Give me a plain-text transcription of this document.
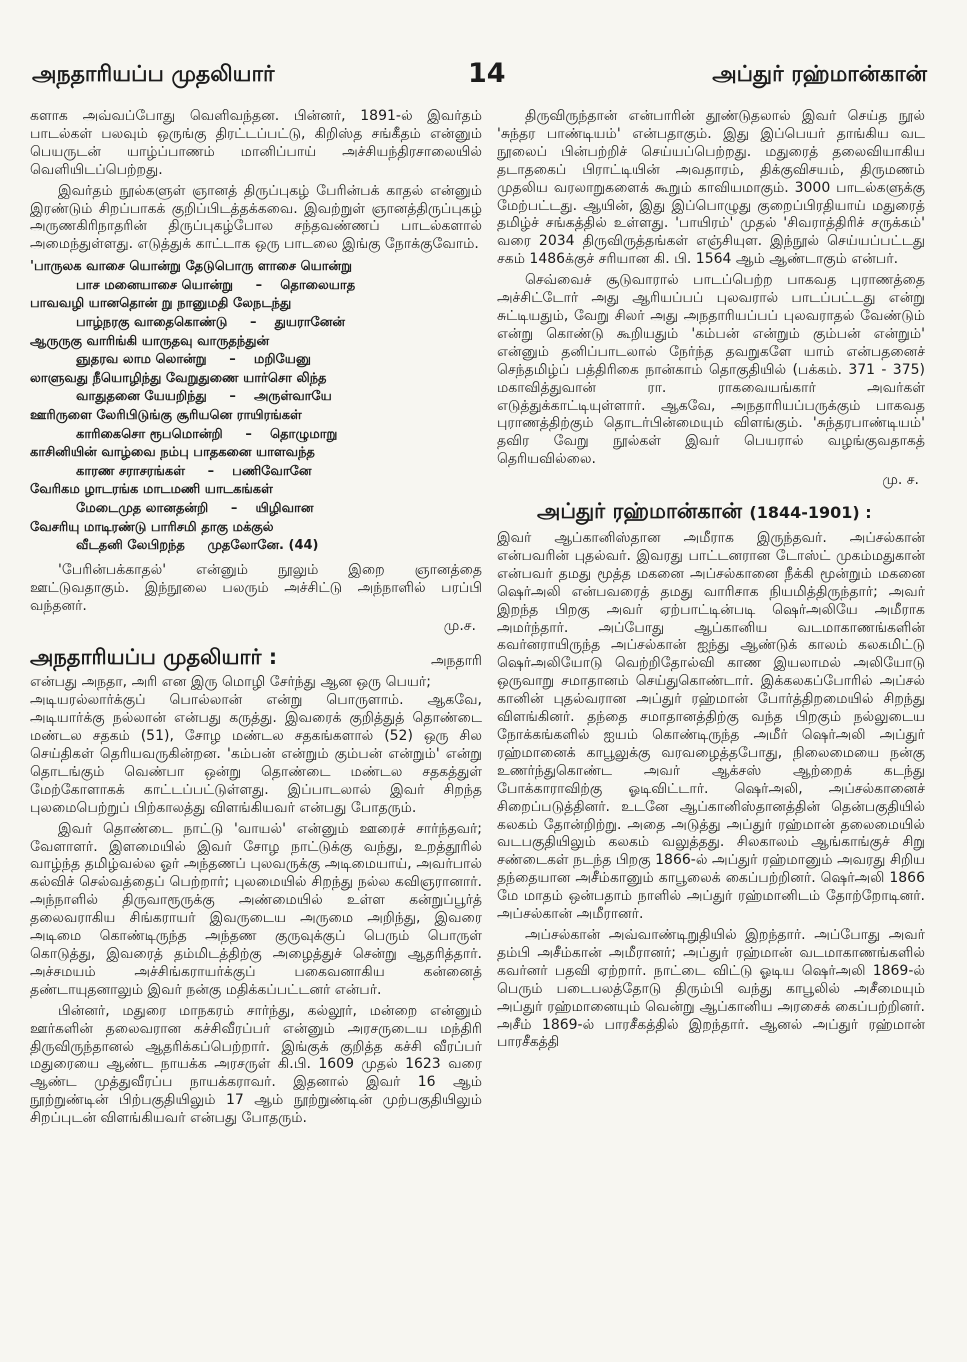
அநதாரியப்ப முதலியார்	14	அப்துர் ரஹ்மான்கான்

களாக அவ்வப்போது வெளிவந்தன. பின்னர், 1891-ல் இவர்தம் பாடல்கள் பலவும் ஒருங்கு திரட்டப்பட்டு, கிறிஸ்த சங்கீதம் என்னும் பெயருடன் யாழ்ப்பாணம் மானிப்பாய் அச்சியந்திரசாலையில் வெளியிடப்பெற்றது.

இவர்தம் நூல்களுள் ஞானத் திருப்புகழ் பேரின்பக் காதல் என்னும் இரண்டும் சிறப்பாகக் குறிப்பிடத்தக்கவை. இவற்றுள் ஞானத்திருப்புகழ் அருணகிரிநாதரின் திருப்புகழ்போல சந்தவண்ணப் பாடல்களால் அமைந்துள்ளது. எடுத்துக் காட்டாக ஒரு பாடலை இங்கு நோக்குவோம்.

'பாருலக வாசை யொன்று தேடுபொரு ளாசை யொன்று
பாச மனையாசை யொன்று     –    தொலையாத
பாவவழி யானதொன் று நானுமதி லேநடந்து
பாழ்நரகு வாதைகொண்டு     –    துயரானேன்
ஆருருகு வாரிங்கி யாருதவு வாருதந்துன்
ஞுதரவ லாம லொன்று     –    மறியேனு
லாளுவது நீயொழிந்து வேறுதுணை யார்சொ லிந்த
வாதுதனை யேயறிந்து     –    அருள்வாயே
ஊரிருளை லேரிபிடுங்கு சூரியனெ ராயிரங்கள்
காரிகைசொ ரூபமொன்றி     –    தொழுமாறு
காசினியின் வாழ்வை நம்பு பாதகனை யாளவந்த
காரண சராசரங்கள்     –    பணிவோனே
வேரிகம ழாடரங்க மாடமணி யாடகங்கள்
மேடைமுத லானதன்றி     –    யிழிவான
வேசரியு மாடிரண்டு பாரிசமி தாகு மக்குல்
வீடதனி லேபிறந்த     முதலோனே. (44)

'பேரின்பக்காதல்' என்னும் நூலும் இறை ஞானத்தை ஊட்டுவதாகும். இந்நூலை பலரும் அச்சிட்டு அந்நாளில் பரப்பி வந்தனர்.

மு.ச.
அநதாரியப்ப முதலியார் :	அநதாரி

என்பது அநதா, அரி என இரு மொழி சேர்ந்து ஆன ஒரு பெயர்; அடியரல்லார்க்குப் பொல்லான் என்று பொருளாம். ஆகவே, அடியார்க்கு நல்லான் என்பது கருத்து. இவரைக் குறித்துத் தொண்டை மண்டல சதகம் (51), சோழ மண்டல சதகங்களால் (52) ஒரு சில செய்திகள் தெரியவருகின்றன. 'கம்பன் என்றும் கும்பன் என்றும்' என்று தொடங்கும் வெண்பா ஒன்று தொண்டை மண்டல சதகத்துள் மேற்கோளாகக் காட்டப்பட்டுள்ளது. இப்பாடலால் இவர் சிறந்த புலமைபெற்றுப் பிற்காலத்து விளங்கியவர் என்பது போதரும்.

இவர் தொண்டை நாட்டு 'வாயல்' என்னும் ஊரைச் சார்ந்தவர்; வேளாளர். இளமையில் இவர் சோழ நாட்டுக்கு வந்து, உறத்தூரில் வாழ்ந்த தமிழ்வல்ல ஓர் அந்தணப் புலவருக்கு அடிமையாய், அவர்பால் கல்விச் செல்வத்தைப் பெற்றார்; புலமையில் சிறந்து நல்ல கவிஞரானார். அந்நாளில் திருவாரூருக்கு அண்மையில் உள்ள கன்றுப்பூர்த் தலைவராகிய சிங்கராயர் இவருடைய அருமை அறிந்து, இவரை அடிமை கொண்டிருந்த அந்தண குருவுக்குப் பெரும் பொருள் கொடுத்து, இவரைத் தம்மிடத்திற்கு அழைத்துச் சென்று ஆதரித்தார். அச்சமயம் அச்சிங்கராயர்க்குப் பகைவனாகிய கன்னைத் தண்டாயுதனாலும் இவர் நன்கு மதிக்கப்பட்டனர் என்பர்.

பின்னர், மதுரை மாநகரம் சார்ந்து, கல்லூர், மன்றை என்னும் ஊர்களின் தலைவரான கச்சிவீரப்பர் என்னும் அரசருடைய மந்திரி திருவிருந்தானல் ஆதரிக்கப்பெற்றார். இங்குக் குறித்த கச்சி வீரப்பர் மதுரையை ஆண்ட நாயக்க அரசருள் கி.பி. 1609 முதல் 1623 வரை ஆண்ட முத்துவீரப்ப நாயக்கராவர். இதனால் இவர் 16 ஆம் நூற்றுண்டின் பிற்பகுதியிலும் 17 ஆம் நூற்றுண்டின் முற்பகுதியிலும் சிறப்புடன் விளங்கியவர் என்பது போதரும்.

திருவிருந்தான் என்பாரின் தூண்டுதலால் இவர் செய்த நூல் 'சுந்தர பாண்டியம்' என்பதாகும். இது இப்பெயர் தாங்கிய வட நூலைப் பின்பற்றிச் செய்யப்பெற்றது. மதுரைத் தலைவியாகிய தடாதகைப் பிராட்டியின் அவதாரம், திக்குவிசயம், திருமணம் முதலிய வரலாறுகளைக் கூறும் காவியமாகும். 3000 பாடல்களுக்கு மேற்பட்டது. ஆயின், இது இப்பொழுது குறைப்பிரதியாய் மதுரைத் தமிழ்ச் சங்கத்தில் உள்ளது. 'பாயிரம்' முதல் 'சிவராத்திரிச் சருக்கம்' வரை 2034 திருவிருத்தங்கள் எஞ்சியுள. இந்நூல் செய்யப்பட்டது சகம் 1486க்குச் சரியான கி. பி. 1564 ஆம் ஆண்டாகும் என்பர்.

செவ்வைச் சூடுவாரால் பாடப்பெற்ற பாகவத புராணத்தை அச்சிட்டோர் அது ஆரியப்பப் புலவரால் பாடப்பட்டது என்று சுட்டியதும், வேறு சிலர் அது அநதாரியப்பப் புலவராதல் வேண்டும் என்று கொண்டு கூறியதும் 'கம்பன் என்றும் கும்பன் என்றும்' என்னும் தனிப்பாடலால் நேர்ந்த தவறுகளே யாம் என்பதனைச் செந்தமிழ்ப் பத்திரிகை நான்காம் தொகுதியில் (பக்கம். 371 - 375) மகாவித்துவான் ரா. ராகவையங்கார் அவர்கள் எடுத்துக்காட்டியுள்ளார். ஆகவே, அநதாரியப்பருக்கும் பாகவத புராணத்திற்கும் தொடர்பின்மையும் விளங்கும். 'சுந்தரபாண்டியம்' தவிர வேறு நூல்கள் இவர் பெயரால் வழங்குவதாகத் தெரியவில்லை.

மு. ச.
அப்துர் ரஹ்மான்கான் (1844-1901) :

இவர் ஆப்கானிஸ்தான அமீராக இருந்தவர். அப்சல்கான் என்பவரின் புதல்வர். இவரது பாட்டனரான டோஸ்ட் முகம்மதுகான் என்பவர் தமது மூத்த மகனை அப்சல்கானை நீக்கி மூன்றும் மகனை ஷெர்அலி என்பவரைத் தமது வாரிசாக நியமித்திருந்தார்; அவர் இறந்த பிறகு அவர் ஏற்பாட்டின்படி ஷெர்அலியே அமீராக அமர்ந்தார். அப்போது ஆப்கானிய வடமாகாணங்களின் கவர்னராயிருந்த அப்சல்கான் ஐந்து ஆண்டுக் காலம் கலகமிட்டு ஷெர்அலியோடு வெற்றிதோல்வி காண இயலாமல் அலியோடு ஒருவாறு சமாதானம் செய்துகொண்டார். இக்கலகப்போரில் அப்சல் கானின் புதல்வரான அப்துர் ரஹ்மான் போர்த்திறமையில் சிறந்து விளங்கினர். தந்தை சமாதானத்திற்கு வந்த பிறகும் நல்லுடைய நோக்கங்களில் ஐயம் கொண்டிருந்த அமீர் ஷெர்அலி அப்துர் ரஹ்மானைக் காபூலுக்கு வரவழைத்தபோது, நிலைமையை நன்கு உணர்ந்துகொண்ட அவர் ஆக்சஸ் ஆற்றைக் கடந்து போக்காராவிற்கு ஓடிவிட்டார். ஷெர்அலி, அப்சல்கானைச் சிறைப்படுத்தினர். உடனே ஆப்கானிஸ்தானத்தின் தென்பகுதியில் கலகம் தோன்றிற்று. அதை அடுத்து அப்துர் ரஹ்மான் தலைமையில் வடபகுதியிலும் கலகம் வலுத்தது. சிலகாலம் ஆங்காங்குச் சிறு சண்டைகள் நடந்த பிறகு 1866-ல் அப்துர் ரஹ்மானும் அவரது சிறிய தந்தையான அசீம்கானும் காபூலைக் கைப்பற்றினர். ஷெர்அலி 1866 மே மாதம் ஒன்பதாம் நாளில் அப்துர் ரஹ்மானிடம் தோற்றோடினர். அப்சல்கான் அமீரானர்.

அப்சல்கான் அவ்வாண்டிறுதியில் இறந்தார். அப்போது அவர் தம்பி அசீம்கான் அமீரானர்; அப்துர் ரஹ்மான் வடமாகாணங்களில் கவர்னர் பதவி ஏற்றார். நாட்டை விட்டு ஓடிய ஷெர்அலி 1869-ல் பெரும் படைபலத்தோடு திரும்பி வந்து காபூலில் அசீமையும் அப்துர் ரஹ்மானையும் வென்று ஆப்கானிய அரசைக் கைப்பற்றினர். அசீம் 1869-ல் பாரசீகத்தில் இறந்தார். ஆனல் அப்துர் ரஹ்மான் பாரசீகத்தி
